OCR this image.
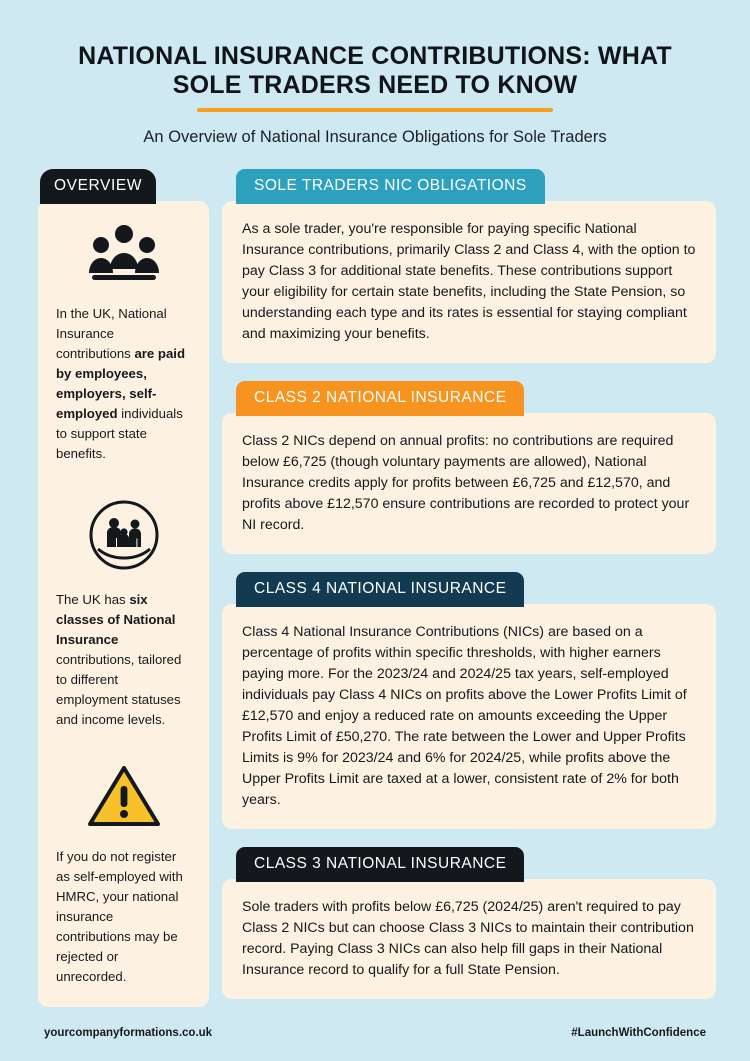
NATIONAL INSURANCE CONTRIBUTIONS: WHAT SOLE TRADERS NEED TO KNOW
An Overview of National Insurance Obligations for Sole Traders
OVERVIEW
In the UK, National Insurance contributions are paid by employees, employers, self-employed individuals to support state benefits.
The UK has six classes of National Insurance contributions, tailored to different employment statuses and income levels.
If you do not register as self-employed with HMRC, your national insurance contributions may be rejected or unrecorded.
SOLE TRADERS NIC OBLIGATIONS
As a sole trader, you're responsible for paying specific National Insurance contributions, primarily Class 2 and Class 4, with the option to pay Class 3 for additional state benefits. These contributions support your eligibility for certain state benefits, including the State Pension, so understanding each type and its rates is essential for staying compliant and maximizing your benefits.
CLASS 2 NATIONAL INSURANCE
Class 2 NICs depend on annual profits: no contributions are required below £6,725 (though voluntary payments are allowed), National Insurance credits apply for profits between £6,725 and £12,570, and profits above £12,570 ensure contributions are recorded to protect your NI record.
CLASS 4 NATIONAL INSURANCE
Class 4 National Insurance Contributions (NICs) are based on a percentage of profits within specific thresholds, with higher earners paying more. For the 2023/24 and 2024/25 tax years, self-employed individuals pay Class 4 NICs on profits above the Lower Profits Limit of £12,570 and enjoy a reduced rate on amounts exceeding the Upper Profits Limit of £50,270. The rate between the Lower and Upper Profits Limits is 9% for 2023/24 and 6% for 2024/25, while profits above the Upper Profits Limit are taxed at a lower, consistent rate of 2% for both years.
CLASS 3 NATIONAL INSURANCE
Sole traders with profits below £6,725 (2024/25) aren't required to pay Class 2 NICs but can choose Class 3 NICs to maintain their contribution record. Paying Class 3 NICs can also help fill gaps in their National Insurance record to qualify for a full State Pension.
yourcompanyformations.co.uk	#LaunchWithConfidence
